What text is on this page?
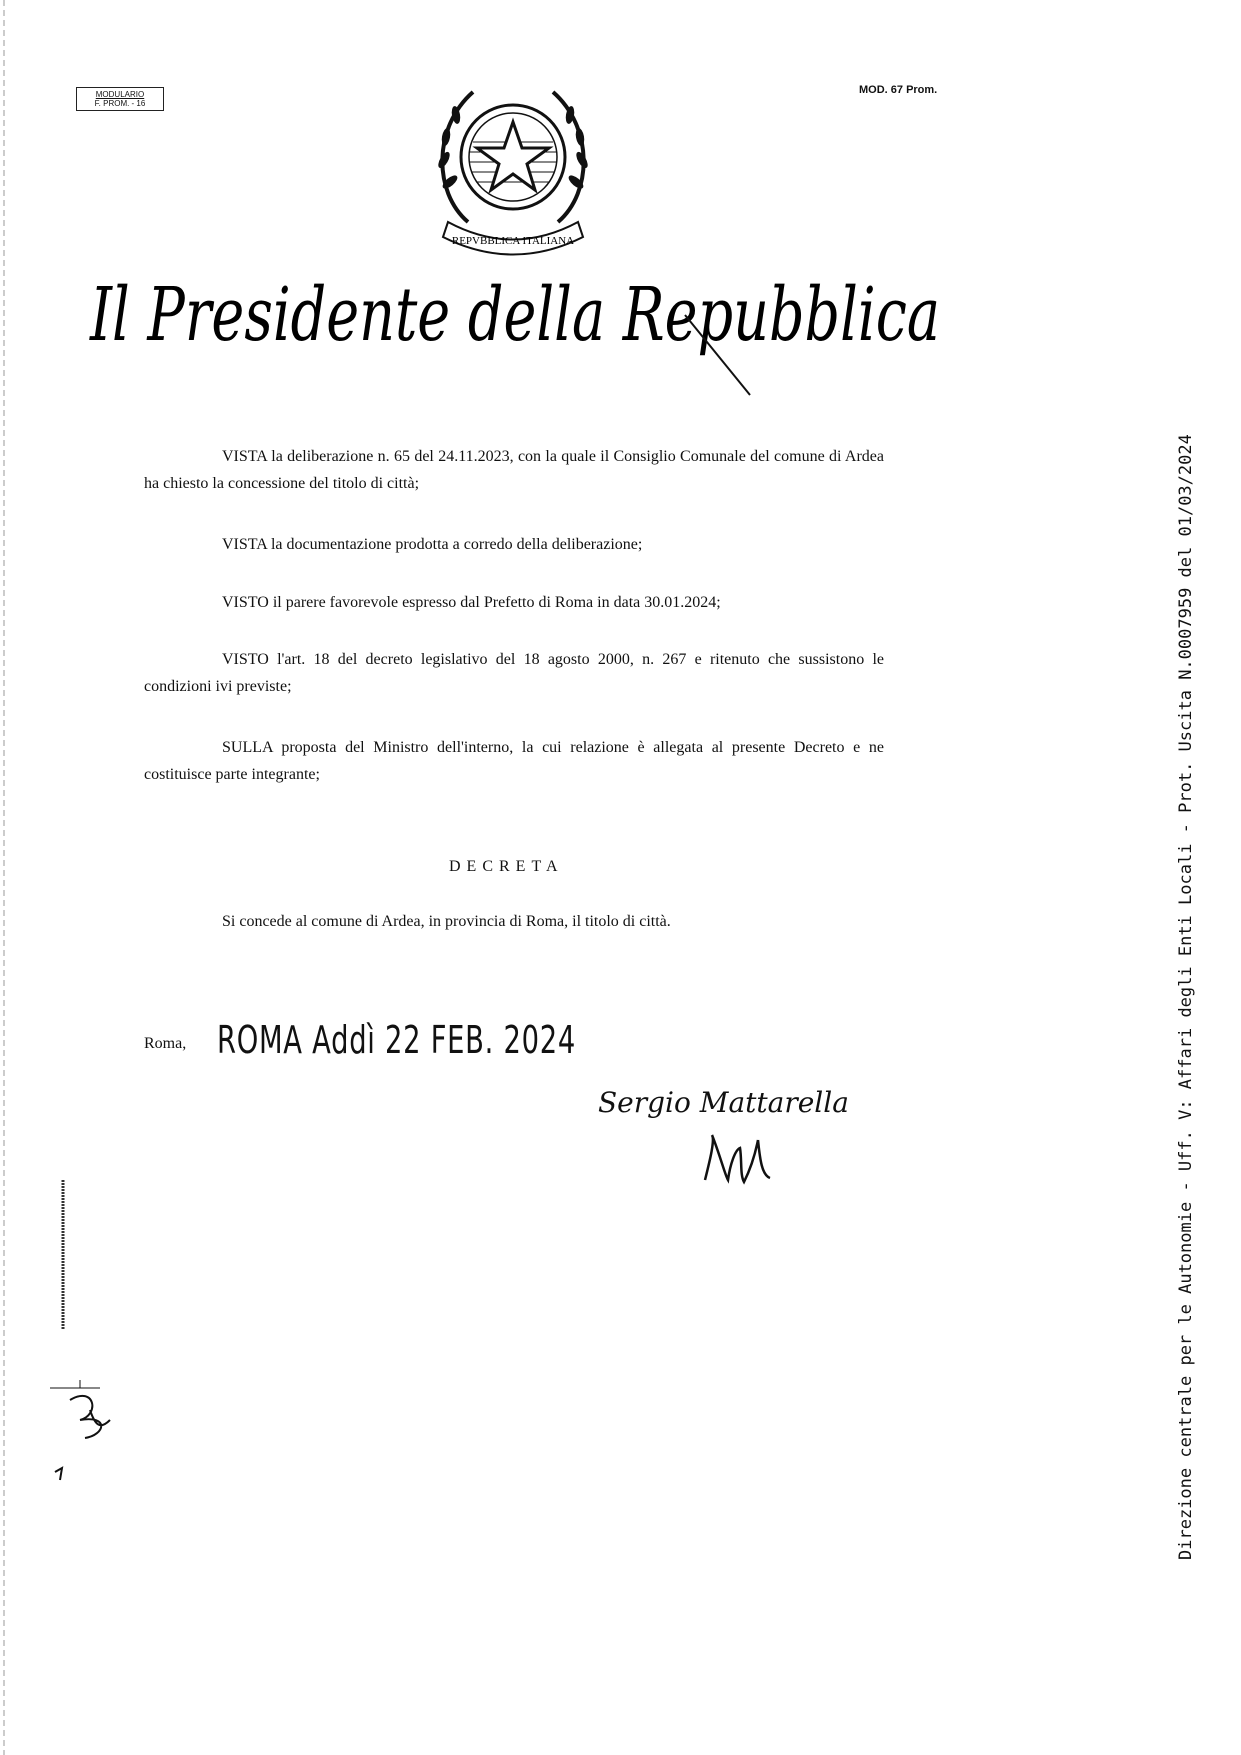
MODULARIO
F. PROM. - 16
MOD. 67 Prom.
REPVBBLICA ITALIANA
Il Presidente della Repubblica
VISTA la deliberazione n. 65 del 24.11.2023, con la quale il Consiglio Comunale del comune di Ardea ha chiesto la concessione del titolo di città;
VISTA la documentazione prodotta a corredo della deliberazione;
VISTO il parere favorevole espresso dal Prefetto di Roma in data 30.01.2024;
VISTO l'art. 18 del decreto legislativo del 18 agosto 2000, n. 267 e ritenuto che sussistono le condizioni ivi previste;
SULLA proposta del Ministro dell'interno, la cui relazione è allegata al presente Decreto e ne costituisce parte integrante;
DECRETA
Si concede al comune di Ardea, in provincia di Roma, il titolo di città.
Roma, ROMA Addì 22 FEB. 2024
Sergio Mattarella	Direzione centrale per le Autonomie - Uff. V: Affari degli Enti Locali - Prot. Uscita N.0007959 del 01/03/2024
